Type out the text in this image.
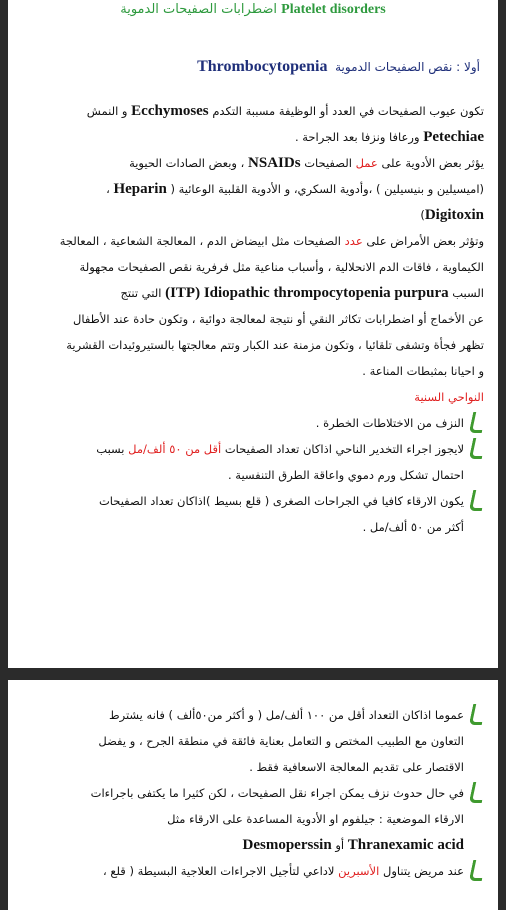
Platelet disorders اضطرابات الصفيحات الدموية
أولا : نقص الصفيحات الدموية  Thrombocytopenia

تكون عيوب الصفيحات في العدد أو الوظيفة مسببة التكدم Ecchymoses و النمش
Petechiae ورعافا ونزفا بعد الجراحة .

يؤثر بعض الأدوية على عمل الصفيحات NSAIDs ، وبعض الصادات الحيوية
(اميسيلين و بنيسيلين ) ،وأدوية السكري، و الأدوية القلبية الوعائية ( Heparin ،
Digitoxin)

وتؤثر بعض الأمراض على عدد الصفيحات مثل ابيضاض الدم ، المعالجة الشعاعية ، المعالجة
الكيماوية ، فاقات الدم الانحلالية ، وأسباب مناعية مثل فرفرية نقص الصفيحات مجهولة
السبب (ITP) Idiopathic thrompocytopenia purpura التي تنتج
عن الأخماج أو اضطرابات تكاثر النقي أو نتيجة لمعالجة دوائية ، وتكون حادة عند الأطفال
تظهر فجأة وتشفى تلقائيا ، وتكون مزمنة عند الكبار وتتم معالجتها بالستيروئيدات القشرية
و احيانا بمثبطات المناعة .

النواحي السنية

النزف من الاختلاطات الخطرة .
لايجوز اجراء التخدير الناحي اذاكان تعداد الصفيحات أقل من ٥٠ ألف/مل بسبب
احتمال تشكل ورم دموي واعاقة الطرق التنفسية .
يكون الارقاء كافيا في الجراحات الصغرى ( قلع بسيط )اذاكان تعداد الصفيحات
أكثر من ٥٠ ألف/مل .
عموما اذاكان التعداد أقل من ١٠٠ ألف/مل ( و أكثر من٥٠ألف ) فانه يشترط
التعاون مع الطبيب المختص و التعامل بعناية فائقة في منطقة الجرح ، و يفضل
الاقتصار على تقديم المعالجة الاسعافية فقط .
في حال حدوث نزف يمكن اجراء نقل الصفيحات ، لكن كثيرا ما يكتفى باجراءات
الارقاء الموضعية : جيلفوم او الأدوية المساعدة على الارقاء مثل
Thranexamic acid أو Desmoperssin
عند مريض يتناول الأسبرين لاداعي لتأجيل الاجراءات العلاجية البسيطة ( قلع ،
